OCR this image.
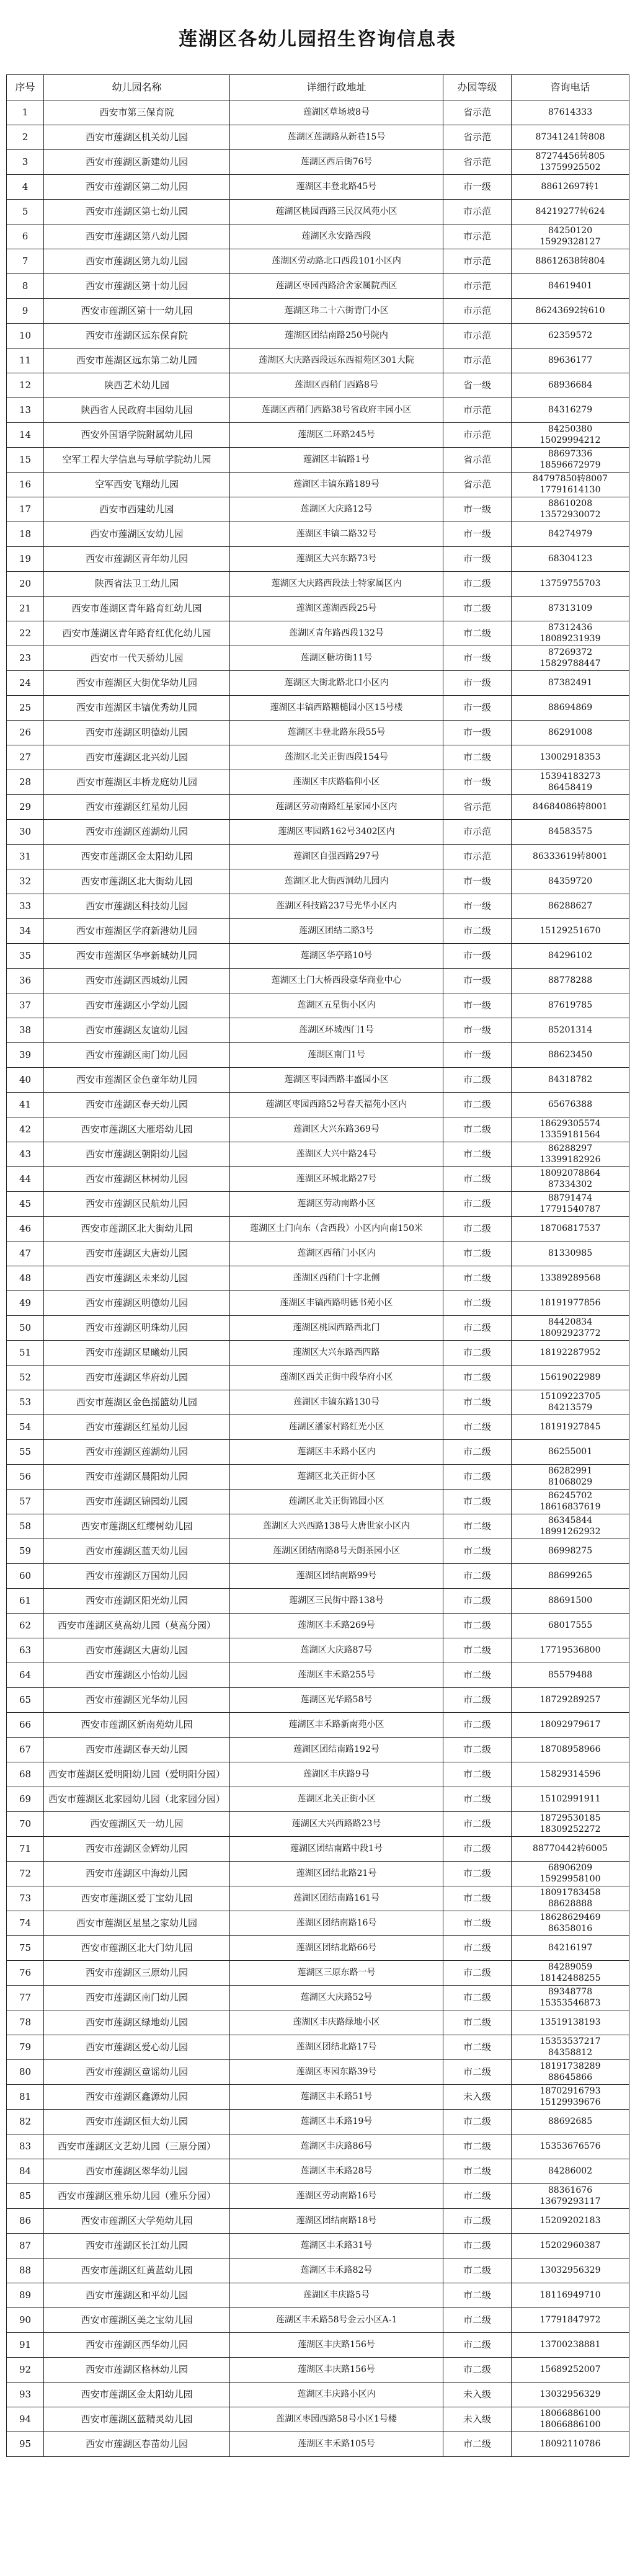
莲湖区各幼儿园招生咨询信息表
序号	幼儿园名称	详细行政地址	办园等级	咨询电话
1	西安市第三保育院	莲湖区草场坡8号	省示范	87614333
2	西安市莲湖区机关幼儿园	莲湖区莲湖路从新巷15号	省示范	87341241转808
3	西安市莲湖区新建幼儿园	莲湖区西后街76号	省示范	87274456转805
13759925502
4	西安市莲湖区第二幼儿园	莲湖区丰登北路45号	市一级	88612697转1
5	西安市莲湖区第七幼儿园	莲湖区桃园西路三民汉风苑小区	市示范	84219277转624
6	西安市莲湖区第八幼儿园	莲湖区永安路西段	市示范	84250120
15929328127
7	西安市莲湖区第九幼儿园	莲湖区劳动路北口西段101小区内	市示范	88612638转804
8	西安市莲湖区第十幼儿园	莲湖区枣园西路洽舍家属院西区	市示范	84619401
9	西安市莲湖区第十一幼儿园	莲湖区玮二十六街青门小区	市示范	86243692转610
10	西安市莲湖区远东保育院	莲湖区团结南路250号院内	市示范	62359572
11	西安市莲湖区远东第二幼儿园	莲湖区大庆路西段远东西福苑区301大院	市示范	89636177
12	陕西艺术幼儿园	莲湖区西稍门西路8号	省一级	68936684
13	陕西省人民政府丰园幼儿园	莲湖区西稍门西路38号省政府丰园小区	市示范	84316279
14	西安外国语学院附属幼儿园	莲湖区二环路245号	市示范	84250380
15029994212
15	空军工程大学信息与导航学院幼儿园	莲湖区丰镐路1号	省示范	88697336
18596672979
16	空军西安飞翔幼儿园	莲湖区丰镐东路189号	省示范	84797850转8007
17791614130
17	西安市西建幼儿园	莲湖区大庆路12号	市一级	88610208
13572930072
18	西安市莲湖区安幼儿园	莲湖区丰镐二路32号	市一级	84274979
19	西安市莲湖区青年幼儿园	莲湖区大兴东路73号	市一级	68304123
20	陕西省法卫工幼儿园	莲湖区大庆路西段法士特家属区内	市二级	13759755703
21	西安市莲湖区青年路育红幼儿园	莲湖区莲湖西段25号	市二级	87313109
22	西安市莲湖区青年路育红优化幼儿园	莲湖区青年路西段132号	市二级	87312436
18089231939
23	西安市一代天骄幼儿园	莲湖区糖坊街11号	市一级	87269372
15829788447
24	西安市莲湖区大街优华幼儿园	莲湖区大街北路北口小区内	市一级	87382491
25	西安市莲湖区丰镐优秀幼儿园	莲湖区丰镐西路糖槌园小区15号楼	市一级	88694869
26	西安市莲湖区明德幼儿园	莲湖区丰登北路东段55号	市一级	86291008
27	西安市莲湖区北兴幼儿园	莲湖区北关正街西段154号	市二级	13002918353
28	西安市莲湖区丰桥龙庭幼儿园	莲湖区丰庆路临仰小区	市一级	15394183273
86458419
29	西安市莲湖区红星幼儿园	莲湖区劳动南路红星家园小区内	省示范	84684086转8001
30	西安市莲湖区莲湖幼儿园	莲湖区枣园路162号3402区内	市示范	84583575
31	西安市莲湖区金太阳幼儿园	莲湖区自强西路297号	市示范	86333619转8001
32	西安市莲湖区北大街幼儿园	莲湖区北大街西洞幼儿园内	市一级	84359720
33	西安市莲湖区科技幼儿园	莲湖区科技路237号光华小区内	市一级	86288627
34	西安市莲湖区学府新港幼儿园	莲湖区团结二路3号	市二级	15129251670
35	西安市莲湖区华亭新城幼儿园	莲湖区华亭路10号	市一级	84296102
36	西安市莲湖区西城幼儿园	莲湖区土门大桥西段豪华商业中心	市一级	88778288
37	西安市莲湖区小学幼儿园	莲湖区五星街小区内	市一级	87619785
38	西安市莲湖区友谊幼儿园	莲湖区环城西门1号	市一级	85201314
39	西安市莲湖区南门幼儿园	莲湖区南门1号	市一级	88623450
40	西安市莲湖区金色童年幼儿园	莲湖区枣园西路丰盛园小区	市二级	84318782
41	西安市莲湖区春天幼儿园	莲湖区枣园西路52号春天福苑小区内	市二级	65676388
42	西安市莲湖区大雁塔幼儿园	莲湖区大兴东路369号	市二级	18629305574
13359181564
43	西安市莲湖区朝阳幼儿园	莲湖区大兴中路24号	市二级	86288297
13399182926
44	西安市莲湖区林树幼儿园	莲湖区环城北路27号	市二级	18092078864
87334302
45	西安市莲湖区民航幼儿园	莲湖区劳动南路小区	市二级	88791474
17791540787
46	西安市莲湖区北大街幼儿园	莲湖区土门向东（含西段）小区内向南150米	市二级	18706817537
47	西安市莲湖区大唐幼儿园	莲湖区西稍门小区内	市二级	81330985
48	西安市莲湖区未来幼儿园	莲湖区西稍门十字北侧	市二级	13389289568
49	西安市莲湖区明德幼儿园	莲湖区丰镐西路明德书苑小区	市二级	18191977856
50	西安市莲湖区明珠幼儿园	莲湖区桃园西路西北门	市二级	84420834
18092923772
51	西安市莲湖区星曦幼儿园	莲湖区大兴东路西四路	市二级	18192287952
52	西安市莲湖区华府幼儿园	莲湖区西关正街中段华府小区	市二级	15619022989
53	西安市莲湖区金色摇篮幼儿园	莲湖区丰镐东路130号	市二级	15109223705
84213579
54	西安市莲湖区红星幼儿园	莲湖区潘家村路红光小区	市二级	18191927845
55	西安市莲湖区莲湖幼儿园	莲湖区丰禾路小区内	市二级	86255001
56	西安市莲湖区晨阳幼儿园	莲湖区北关正街小区	市二级	86282991
81068029
57	西安市莲湖区锦园幼儿园	莲湖区北关正街锦园小区	市二级	86245702
18616837619
58	西安市莲湖区红缨树幼儿园	莲湖区大兴西路138号大唐世家小区内	市二级	86345844
18991262932
59	西安市莲湖区蓝天幼儿园	莲湖区团结南路8号天朗茶园小区	市二级	86998275
60	西安市莲湖区万国幼儿园	莲湖区团结南路99号	市二级	88699265
61	西安市莲湖区阳光幼儿园	莲湖区三民街中路138号	市二级	88691500
62	西安市莲湖区莫高幼儿园（莫高分园）	莲湖区丰禾路269号	市二级	68017555
63	西安市莲湖区大唐幼儿园	莲湖区大庆路87号	市二级	17719536800
64	西安市莲湖区小怡幼儿园	莲湖区丰禾路255号	市二级	85579488
65	西安市莲湖区光华幼儿园	莲湖区光华路58号	市二级	18729289257
66	西安市莲湖区新南苑幼儿园	莲湖区丰禾路新南苑小区	市二级	18092979617
67	西安市莲湖区春天幼儿园	莲湖区团结南路192号	市二级	18708958966
68	西安市莲湖区爱明阳幼儿园（爱明阳分园）	莲湖区丰庆路9号	市二级	15829314596
69	西安市莲湖区北家园幼儿园（北家园分园）	莲湖区北关正街小区	市二级	15102991911
70	西安莲湖区天一幼儿园	莲湖区大兴西路路23号	市二级	18729530185
18309252272
71	西安市莲湖区金辉幼儿园	莲湖区团结南路中段1号	市二级	88770442转6005
72	西安市莲湖区中海幼儿园	莲湖区团结北路21号	市二级	68906209
15929958100
73	西安市莲湖区爱丁宝幼儿园	莲湖区团结南路161号	市二级	18091783458
88628888
74	西安市莲湖区星星之家幼儿园	莲湖区团结南路16号	市二级	18628629469
86358016
75	西安市莲湖区北大门幼儿园	莲湖区团结北路66号	市二级	84216197
76	西安市莲湖区三原幼儿园	莲湖区三原东路一号	市二级	84289059
18142488255
77	西安市莲湖区南门幼儿园	莲湖区大庆路52号	市二级	89348778
15353546873
78	西安市莲湖区绿地幼儿园	莲湖区丰庆路绿地小区	市二级	13519138193
79	西安市莲湖区爱心幼儿园	莲湖区团结北路17号	市二级	15353537217
84358812
80	西安市莲湖区童谣幼儿园	莲湖区枣园东路39号	市二级	18191738289
88645866
81	西安市莲湖区鑫源幼儿园	莲湖区丰禾路51号	未入级	18702916793
15129939676
82	西安市莲湖区恒大幼儿园	莲湖区丰禾路19号	市二级	88692685
83	西安市莲湖区文艺幼儿园（三原分园）	莲湖区丰庆路86号	市二级	15353676576
84	西安市莲湖区翠华幼儿园	莲湖区丰禾路28号	市二级	84286002
85	西安市莲湖区雅乐幼儿园（雅乐分园）	莲湖区劳动南路16号	市二级	88361676
13679293117
86	西安市莲湖区大学苑幼儿园	莲湖区团结南路18号	市二级	15209202183
87	西安市莲湖区长江幼儿园	莲湖区丰禾路31号	市二级	15202960387
88	西安市莲湖区红黄蓝幼儿园	莲湖区丰禾路82号	市二级	13032956329
89	西安市莲湖区和平幼儿园	莲湖区丰庆路5号	市二级	18116949710
90	西安市莲湖区美之宝幼儿园	莲湖区丰禾路58号金云小区A-1	市二级	17791847972
91	西安市莲湖区西华幼儿园	莲湖区丰庆路156号	市二级	13700238881
92	西安市莲湖区格林幼儿园	莲湖区丰庆路156号	市二级	15689252007
93	西安市莲湖区金太阳幼儿园	莲湖区丰庆路小区内	未入级	13032956329
94	西安市莲湖区蓝精灵幼儿园	莲湖区枣园西路58号小区1号楼	未入级	18066886100
18066886100
95	西安市莲湖区春苗幼儿园	莲湖区丰禾路105号	市二级	18092110786
